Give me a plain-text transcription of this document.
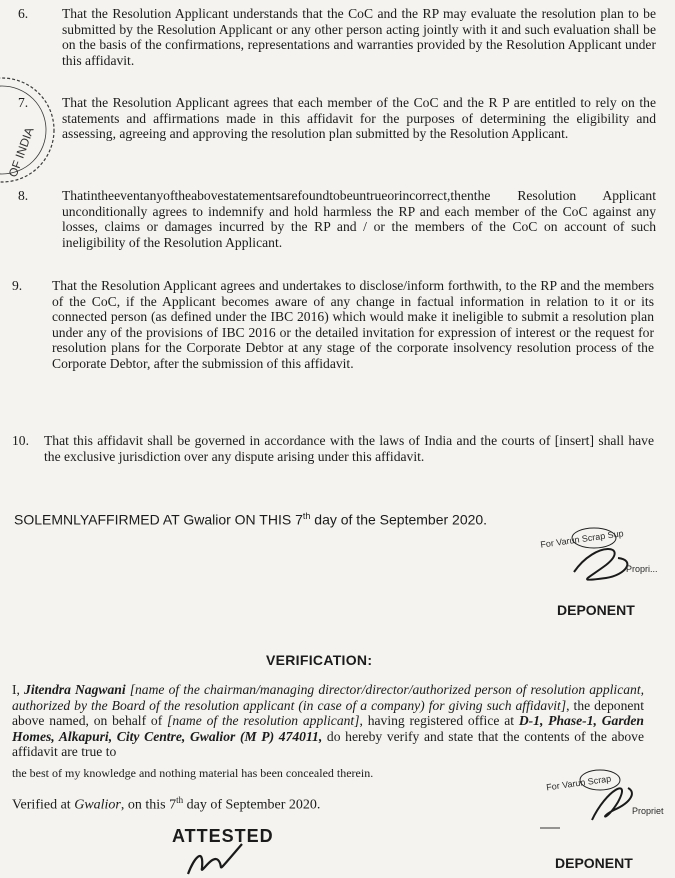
OF INDIA
6. That the Resolution Applicant understands that the CoC and the RP may evaluate the resolution plan to be submitted by the Resolution Applicant or any other person acting jointly with it and such evaluation shall be on the basis of the confirmations, representations and warranties provided by the Resolution Applicant under this affidavit.
7. That the Resolution Applicant agrees that each member of the CoC and the R P are entitled to rely on the statements and affirmations made in this affidavit for the purposes of determining the eligibility and assessing, agreeing and approving the resolution plan submitted by the Resolution Applicant.
8. Thatintheeventanyoftheabovestatementsarefoundtobeuntrueorincorrect,thenthe Resolution Applicant unconditionally agrees to indemnify and hold harmless the RP and each member of the CoC against any losses, claims or damages incurred by the RP and / or the members of the CoC on account of such ineligibility of the Resolution Applicant.
9. That the Resolution Applicant agrees and undertakes to disclose/inform forthwith, to the RP and the members of the CoC, if the Applicant becomes aware of any change in factual information in relation to it or its connected person (as defined under the IBC 2016) which would make it ineligible to submit a resolution plan under any of the provisions of IBC 2016 or the detailed invitation for expression of interest or the request for resolution plans for the Corporate Debtor at any stage of the corporate insolvency resolution process of the Corporate Debtor, after the submission of this affidavit.
10. That this affidavit shall be governed in accordance with the laws of India and the courts of [insert] shall have the exclusive jurisdiction over any dispute arising under this affidavit.
SOLEMNLYAFFIRMED AT Gwalior ON THIS 7th day of the September 2020.
For Varun Scrap Sup
Propri...
DEPONENT
VERIFICATION:
I, Jitendra Nagwani [name of the chairman/managing director/director/authorized person of resolution applicant, authorized by the Board of the resolution applicant (in case of a company) for giving such affidavit], the deponent above named, on behalf of [name of the resolution applicant], having registered office at D-1, Phase-1, Garden Homes, Alkapuri, City Centre, Gwalior (M P) 474011, do hereby verify and state that the contents of the above affidavit are true to
the best of my knowledge and nothing material has been concealed therein.
Verified at Gwalior, on this 7th day of September 2020.
For Varun Scrap
Propriet
ATTESTED
DEPONENT
